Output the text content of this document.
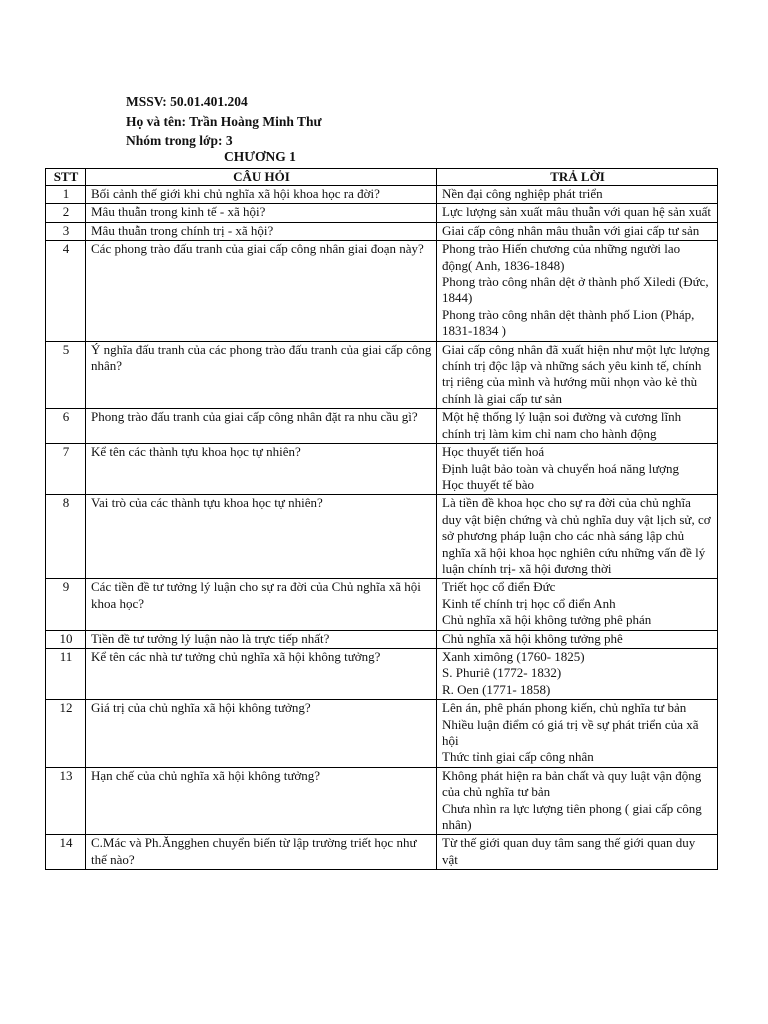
MSSV: 50.01.401.204
Họ và tên: Trần Hoàng Minh Thư
Nhóm trong lớp: 3
CHƯƠNG 1
STT	CÂU HỎI	TRẢ LỜI
1	Bối cảnh thế giới khi chủ nghĩa xã hội khoa học ra đời?	Nền đại công nghiệp phát triển

2	Mâu thuẫn trong kinh tế - xã hội?	Lực lượng sản xuất mâu thuẫn với quan hệ sản xuất

3	Mâu thuẫn trong chính trị - xã hội?	Giai cấp công nhân mâu thuẫn với giai cấp tư sản

4	Các phong trào đấu tranh của giai cấp công nhân giai đoạn này?	Phong trào Hiến chương của những người lao động( Anh, 1836-1848)
Phong trào công nhân dệt ở thành phố Xiledi (Đức, 1844)
Phong trào công nhân dệt thành phố Lion (Pháp, 1831-1834 )

5	Ý nghĩa đấu tranh của các phong trào đấu tranh của giai cấp công nhân?	Giai cấp công nhân đã xuất hiện như một lực lượng chính trị độc lập và những sách yêu kinh tế, chính trị riêng của mình và hướng mũi nhọn vào kẻ thù chính là giai cấp tư sản

6	Phong trào đấu tranh của giai cấp công nhân đặt ra nhu cầu gì?	Một hệ thống lý luận soi đường và cương lĩnh chính trị làm kim chỉ nam cho hành động

7	Kể tên các thành tựu khoa học tự nhiên?	Học thuyết tiến hoá
Định luật bảo toàn và chuyển hoá năng lượng
Học thuyết tế bào

8	Vai trò của các thành tựu khoa học tự nhiên?	Là tiền đề khoa học cho sự ra đời của chủ nghĩa duy vật biện chứng và chủ nghĩa duy vật lịch sử, cơ sở phương pháp luận cho các nhà sáng lập chủ nghĩa xã hội khoa học nghiên cứu những vấn đề lý luận chính trị- xã hội đương thời

9	Các tiền đề tư tưởng lý luận cho sự ra đời của Chủ nghĩa xã hội khoa học?	Triết học cổ điển Đức
Kinh tế chính trị học cổ điển Anh
Chủ nghĩa xã hội không tưởng phê phán

10	Tiền đề tư tưởng lý luận nào là trực tiếp nhất?	Chủ nghĩa xã hội không tưởng phê

11	Kể tên các nhà tư tưởng chủ nghĩa xã hội không tưởng?	Xanh ximông (1760- 1825)
S. Phuriê (1772- 1832)
R. Oen (1771- 1858)

12	Giá trị của chủ nghĩa xã hội không tưởng?	Lên án, phê phán phong kiến, chủ nghĩa tư bản
Nhiều luận điểm có giá trị về sự phát triển của xã hội
Thức tỉnh giai cấp công nhân

13	Hạn chế của chủ nghĩa xã hội không tưởng?	Không phát hiện ra bản chất và quy luật vận động của chủ nghĩa tư bản
Chưa nhìn ra lực lượng tiên phong ( giai cấp công nhân)

14	C.Mác và Ph.Ăngghen chuyển biến từ lập trường triết học như thế nào?	Từ thế giới quan duy tâm sang thế giới quan duy vật
